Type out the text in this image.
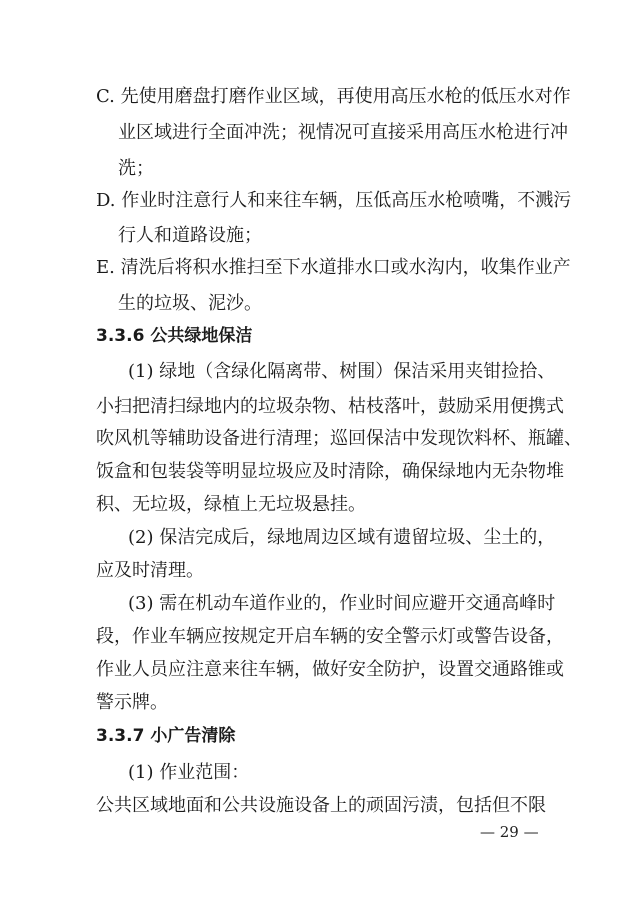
C. 先使用磨盘打磨作业区域，再使用高压水枪的低压水对作
业区域进行全面冲洗；视情况可直接采用高压水枪进行冲
洗；
D. 作业时注意行人和来往车辆，压低高压水枪喷嘴，不溅污
行人和道路设施；
E. 清洗后将积水推扫至下水道排水口或水沟内，收集作业产
生的垃圾、泥沙。
3.3.6 公共绿地保洁
(1) 绿地（含绿化隔离带、树围）保洁采用夹钳捡拾、
小扫把清扫绿地内的垃圾杂物、枯枝落叶，鼓励采用便携式
吹风机等辅助设备进行清理；巡回保洁中发现饮料杯、瓶罐、
饭盒和包装袋等明显垃圾应及时清除，确保绿地内无杂物堆
积、无垃圾，绿植上无垃圾悬挂。
(2) 保洁完成后，绿地周边区域有遗留垃圾、尘土的，
应及时清理。
(3) 需在机动车道作业的，作业时间应避开交通高峰时
段，作业车辆应按规定开启车辆的安全警示灯或警告设备，
作业人员应注意来往车辆，做好安全防护，设置交通路锥或
警示牌。
3.3.7 小广告清除
(1) 作业范围：
公共区域地面和公共设施设备上的顽固污渍，包括但不限
— 29 —
